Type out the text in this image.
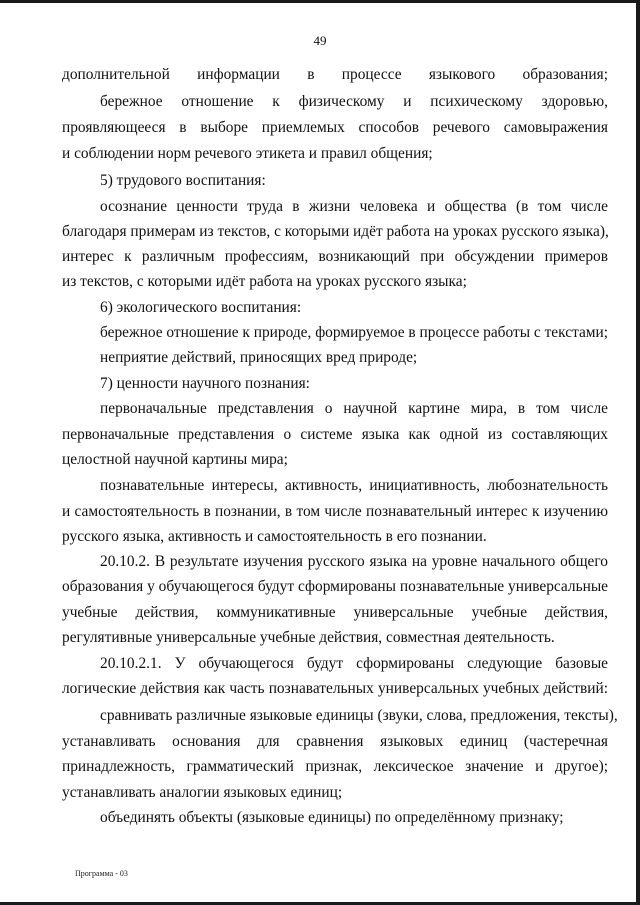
49
дополнительной информации в процессе языкового образования;
бережное отношение к физическому и психическому здоровью,
проявляющееся в выборе приемлемых способов речевого самовыражения
и соблюдении норм речевого этикета и правил общения;
5) трудового воспитания:
осознание ценности труда в жизни человека и общества (в том числе
благодаря примерам из текстов, с которыми идёт работа на уроках русского языка),
интерес к различным профессиям, возникающий при обсуждении примеров
из текстов, с которыми идёт работа на уроках русского языка;
6) экологического воспитания:
бережное отношение к природе, формируемое в процессе работы с текстами;
неприятие действий, приносящих вред природе;
7) ценности научного познания:
первоначальные представления о научной картине мира, в том числе
первоначальные представления о системе языка как одной из составляющих
целостной научной картины мира;
познавательные интересы, активность, инициативность, любознательность
и самостоятельность в познании, в том числе познавательный интерес к изучению
русского языка, активность и самостоятельность в его познании.
20.10.2. В результате изучения русского языка на уровне начального общего
образования у обучающегося будут сформированы познавательные универсальные
учебные действия, коммуникативные универсальные учебные действия,
регулятивные универсальные учебные действия, совместная деятельность.
20.10.2.1. У обучающегося будут сформированы следующие базовые
логические действия как часть познавательных универсальных учебных действий:
сравнивать различные языковые единицы (звуки, слова, предложения, тексты),
устанавливать основания для сравнения языковых единиц (частеречная
принадлежность, грамматический признак, лексическое значение и другое);
устанавливать аналогии языковых единиц;
объединять объекты (языковые единицы) по определённому признаку;
Программа - 03
